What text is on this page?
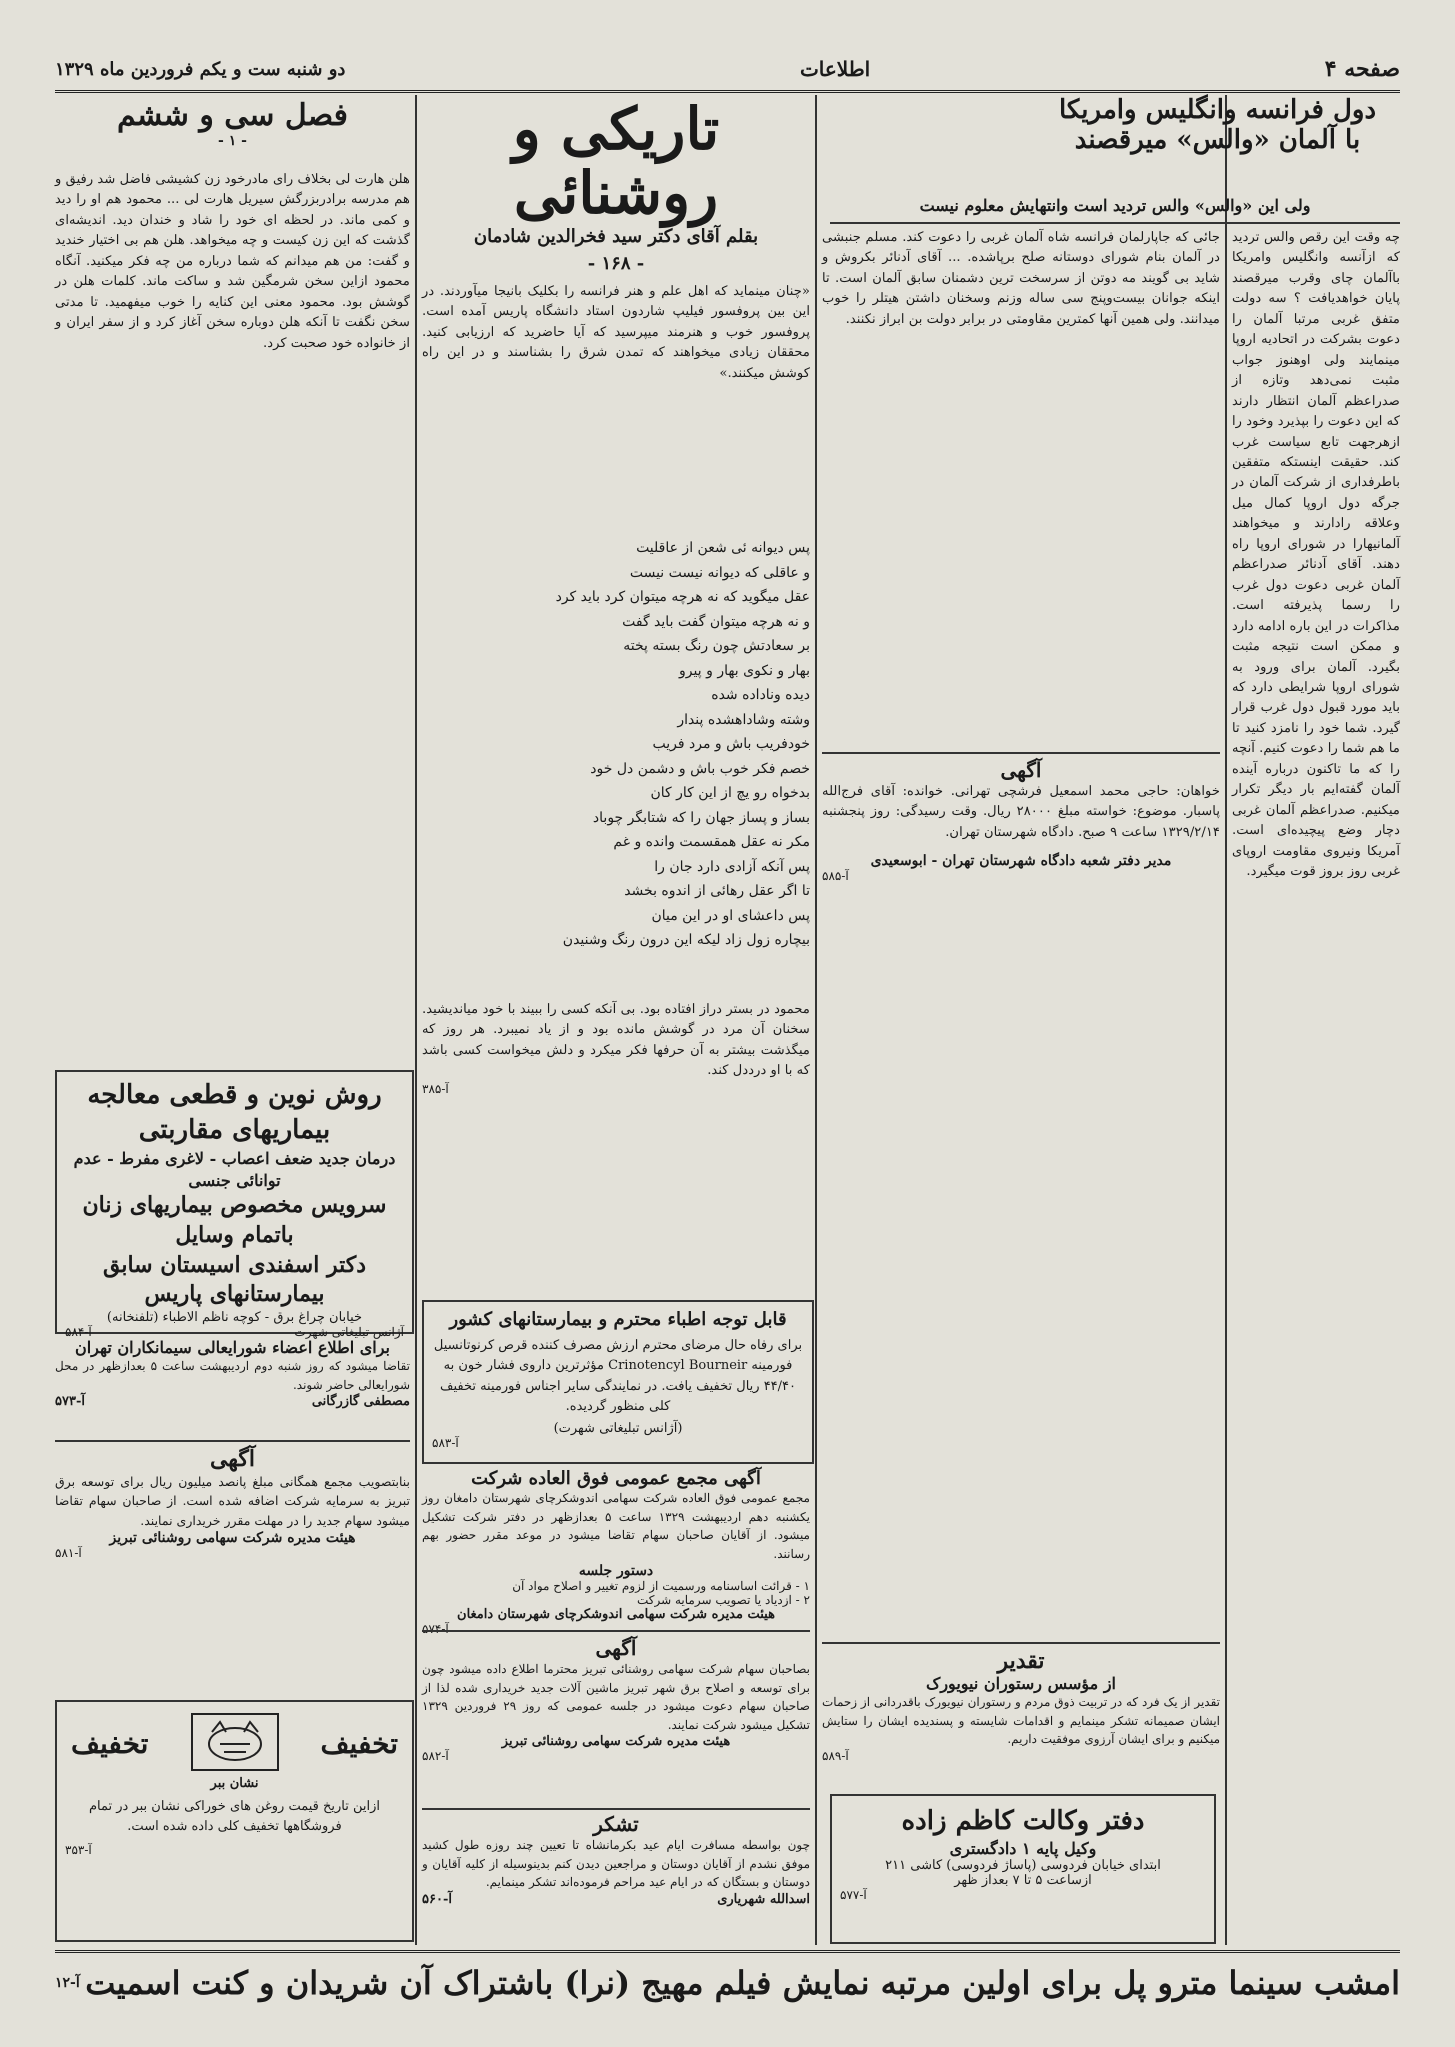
صفحه ۴
اطلاعات
دو شنبه ست و یکم فروردین ماه ۱۳۲۹
دول فرانسه وانگلیس وامریکا
با آلمان «والس» میرقصند
ولی این «والس» والس تردید است وانتهایش معلوم نیست

چه وقت این رقص والس تردید که ازآنسه وانگلیس وامریکا باآلمان چای وقرب میرقصند پایان خواهدیافت ؟ سه دولت متفق غربی مرتبا آلمان را دعوت بشرکت در اتحادیه اروپا مینمایند ولی اوهنوز جواب مثبت نمی‌دهد وتازه از صدراعظم آلمان انتظار دارند که این دعوت را بپذیرد وخود را ازهرجهت تابع سیاست غرب کند. حقیقت اینستکه متفقین باطرفداری از شرکت آلمان در جرگه دول اروپا کمال میل وعلاقه رادارند و میخواهند آلمانیهارا در شورای اروپا راه دهند. آقای آدنائر صدراعظم آلمان غربی دعوت دول غرب را رسما پذیرفته است. مذاکرات در این باره ادامه دارد و ممکن است نتیجه مثبت بگیرد. آلمان برای ورود به شورای اروپا شرایطی دارد که باید مورد قبول دول غرب قرار گیرد. شما خود را نامزد کنید تا ما هم شما را دعوت کنیم. آنچه را که ما تاکنون درباره آینده آلمان گفته‌ایم بار دیگر تکرار میکنیم. صدراعظم آلمان غربی دچار وضع پیچیده‌ای است. آمریکا ونیروی مقاومت اروپای غربی روز بروز قوت میگیرد.

جائی که جاپارلمان فرانسه شاه آلمان غربی را دعوت کند. مسلم جنبشی در آلمان بنام شورای دوستانه صلح برپاشده. ... آقای آدنائر بکروش و شاید بی گویند مه دوتن از سرسخت ترین دشمنان سابق آلمان است. تا اینکه جوانان بیست‌وپنج سی ساله وزنم وسخنان داشتن هیتلر را خوب میدانند. ولی همین آنها کمترین مقاومتی در برابر دولت بن ابراز نکنند.

آگهی

خواهان: حاجی محمد اسمعیل فرشچی تهرانی. خوانده: آقای فرج‌الله پاسبار. موضوع: خواسته مبلغ ۲۸۰۰۰ ریال. وقت رسیدگی: روز پنجشنبه ۱۳۲۹/۲/۱۴ ساعت ۹ صبح. دادگاه شهرستان تهران.

مدیر دفتر شعبه دادگاه شهرستان تهران - ابوسعیدی
آ-۵۸۵
تقدیر
از مؤسس رستوران نیویورک

تقدیر از یک فرد که در تربیت ذوق مردم و رستوران نیویورک باقدردانی از زحمات ایشان صمیمانه تشکر مینمایم و اقدامات شایسته و پسندیده ایشان را ستایش میکنیم و برای ایشان آرزوی موفقیت داریم.

آ-۵۸۹
دفتر وکالت کاظم زاده
وکیل پایه ۱ دادگستری
ابتدای خیابان فردوسی (پاساژ فردوسی) کاشی ۲۱۱
ازساعت ۵ تا ۷ بعداز ظهر
آ-۵۷۷
تاریکی و روشنائی
بقلم آقای دکتر سید فخرالدین شادمان
- ۱۶۸ -

«چنان مینماید که اهل علم و هنر فرانسه را بکلیک بانیجا میآوردند. در این بین پروفسور فیلیپ شاردون استاد دانشگاه پاریس آمده است. پروفسور خوب و هنرمند میپرسید که آیا حاضرید که ارزیابی کنید. محققان زیادی میخواهند که تمدن شرق را بشناسند و در این راه کوشش میکنند.»

پس دیوانه ئی شعن از عاقلیت
و عاقلی که دیوانه نیست نیست
عقل میگوید که نه هرچه میتوان کرد باید کرد
و نه هرچه میتوان گفت باید گفت
بر سعادتش چون رنگ بسته پخته
بهار و نکوی بهار و پیرو
دیده وناداده شده
وشته وشاداهشده پندار
خودفریب باش و مرد فریب
خصم فکر خوب باش و دشمن دل خود
بدخواه رو یچ از این کار کان
بساز و پساز جهان را که شتابگر چوباد
مکر نه عقل همقسمت وانده و غم
پس آنکه آزادی دارد جان را
تا اگر عقل رهائی از اندوه بخشد
پس داعشای او در این میان
بیچاره زول زاد لیکه این درون رنگ وشنیدن

محمود در بستر دراز افتاده بود. بی آنکه کسی را ببیند با خود میاندیشید. سخنان آن مرد در گوشش مانده بود و از یاد نمیبرد. هر روز که میگذشت بیشتر به آن حرفها فکر میکرد و دلش میخواست کسی باشد که با او درددل کند.

آ-۳۸۵
قابل توجه اطباء محترم و بیمارستانهای کشور

برای رفاه حال مرضای محترم ارزش مصرف کننده قرص کرنوتانسیل فورمینه Crinotencyl Bourneir مؤثرترین داروی فشار خون به ۴۴/۴۰ ریال تخفیف یافت. در نمایندگی سایر اجناس فورمینه تخفیف کلی منظور گردیده.

(آژانس تبلیغاتی شهرت)
آ-۵۸۳
آگهی مجمع عمومی فوق العاده شرکت

مجمع عمومی فوق العاده شرکت سهامی اندوشکرچای شهرستان دامغان روز یکشنبه دهم اردیبهشت ۱۳۲۹ ساعت ۵ بعدازظهر در دفتر شرکت تشکیل میشود. از آقایان صاحبان سهام تقاضا میشود در موعد مقرر حضور بهم رسانند.

دستور جلسه
۱ - قرائت اساسنامه ورسمیت از لزوم تغییر و اصلاح مواد آن
۲ - ازدیاد یا تصویب سرمایه شرکت
هیئت مدیره شرکت سهامی اندوشکرچای شهرستان دامغان
آگهی

بصاحبان سهام شرکت سهامی روشنائی تبریز محترما اطلاع داده میشود چون برای توسعه و اصلاح برق شهر تبریز ماشین آلات جدید خریداری شده لذا از صاحبان سهام دعوت میشود در جلسه عمومی که روز ۲۹ فروردین ۱۳۲۹ تشکیل میشود شرکت نمایند.

هیئت مدیره شرکت سهامی روشنائی تبریز
آ-۵۸۲
تشکر

چون بواسطه مسافرت ایام عید بکرمانشاه تا تعیین چند روزه طول کشید موفق نشدم از آقایان دوستان و مراجعین دیدن کنم بدینوسیله از کلیه آقایان و دوستان و بستگان که در ایام عید مراحم فرموده‌اند تشکر مینمایم.

اسدالله شهریاری
آ-۵۶۰
فصل سی و ششم
- ۱ -

هلن هارت لی بخلاف رای مادرخود زن کشیشی فاضل شد رفیق و هم مدرسه برادربزرگش سیریل هارت لی ... محمود هم او را دید و کمی ماند. در لحظه ای خود را شاد و خندان دید. اندیشه‌ای گذشت که این زن کیست و چه میخواهد. هلن هم بی اختیار خندید و گفت: من هم میدانم که شما درباره من چه فکر میکنید. آنگاه محمود ازاین سخن شرمگین شد و ساکت ماند. کلمات هلن در گوشش بود. محمود معنی این کنایه را خوب میفهمید. تا مدتی سخن نگفت تا آنکه هلن دوباره سخن آغاز کرد و از سفر ایران و از خانواده خود صحبت کرد.

روش نوین و قطعی معالجه بیماریهای مقاربتی
درمان جدید ضعف اعصاب - لاغری مفرط - عدم توانائی جنسی
سرویس مخصوص بیماریهای زنان باتمام وسایل
دکتر اسفندی اسیستان سابق بیمارستانهای پاریس
خیابان چراغ برق - کوچه ناظم الاطباء (تلفنخانه)
آژانس تبلیغاتی شهرت
آ-۵۸۴
برای اطلاع اعضاء شورایعالی سیمانکاران تهران

تقاضا میشود که روز شنبه دوم اردیبهشت ساعت ۵ بعدازظهر در محل شورایعالی حاضر شوند.

مصطفی گازرگانی
آ-۵۷۳
آگهی

بنابتصویب مجمع همگانی مبلغ پانصد میلیون ریال برای توسعه برق تبریز به سرمایه شرکت اضافه شده است. از صاحبان سهام تقاضا میشود سهام جدید را در مهلت مقرر خریداری نمایند.

هیئت مدیره شرکت سهامی روشنائی تبریز
آ-۵۸۱
تخفیف
تخفیف
نشان ببر

ازاین تاریخ قیمت روغن های خوراکی نشان ببر در تمام فروشگاهها تخفیف کلی داده شده است.

آ-۳۵۳
امشب سینما مترو پل برای اولین مرتبه نمایش فیلم مهیج (نرا) باشتراک آن شریدان و کنت اسمیت
آ-۱۲
